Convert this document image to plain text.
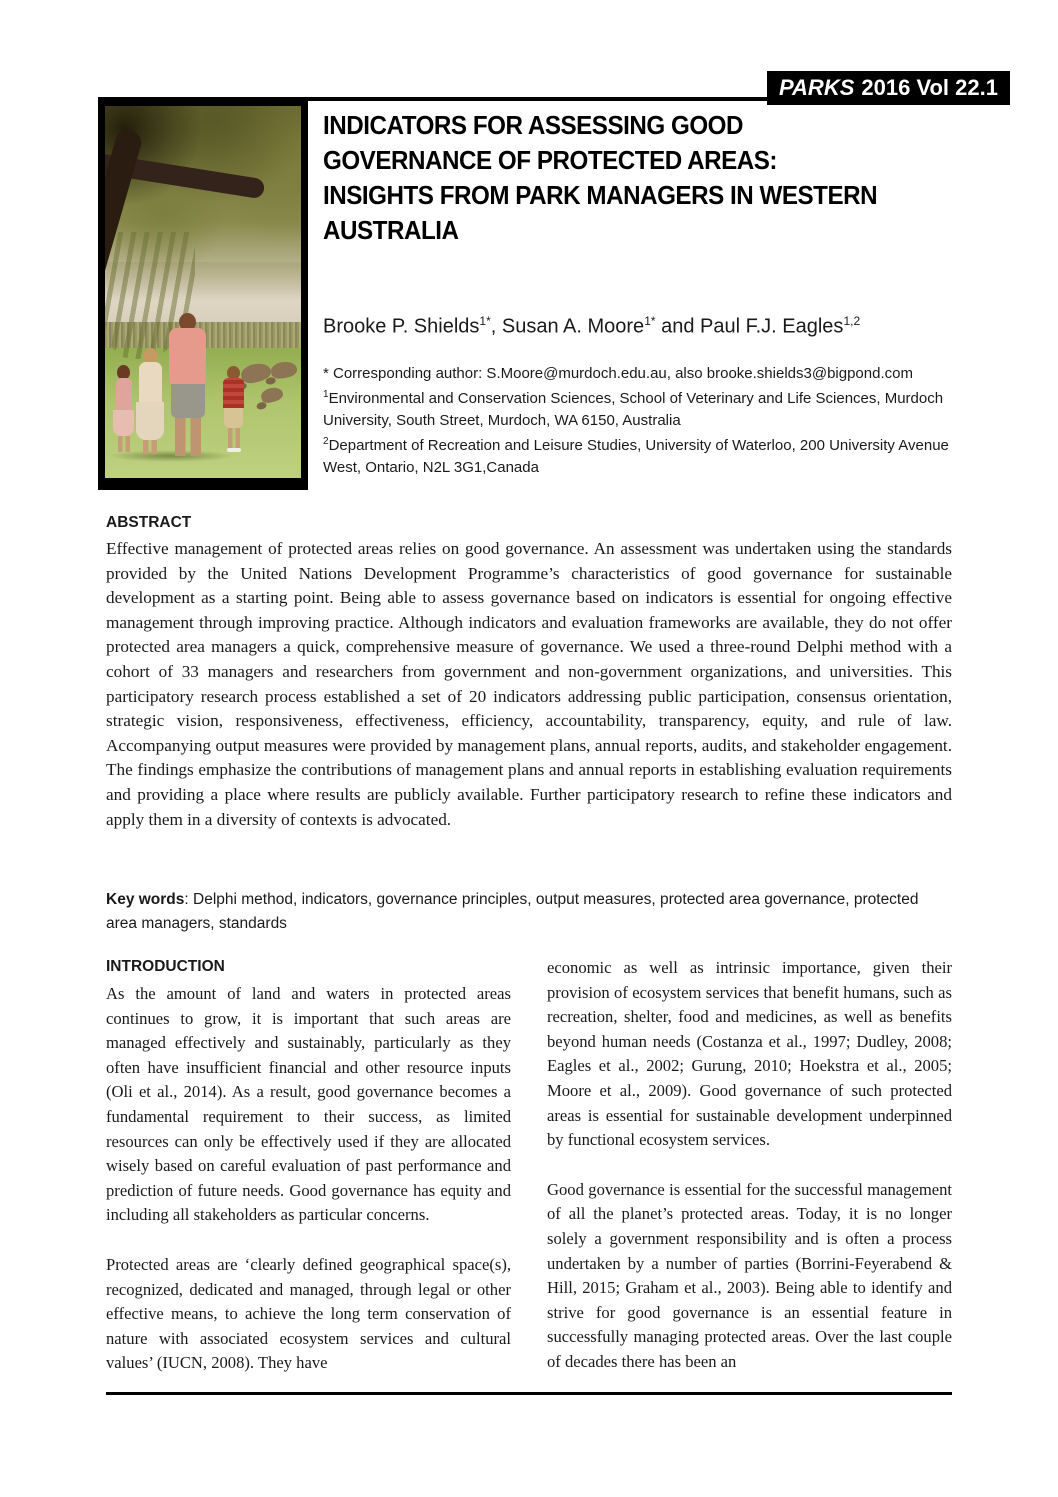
PARKS 2016 Vol 22.1
INDICATORS FOR ASSESSING GOOD
GOVERNANCE OF PROTECTED AREAS:
INSIGHTS FROM PARK MANAGERS IN WESTERN
AUSTRALIA

Brooke P. Shields$^{1*}$, Susan A. Moore$^{1*}$ and Paul F.J. Eagles$^{1,2}$

* Corresponding author: S.Moore@murdoch.edu.au, also brooke.shields3@bigpond.com

$^1$Environmental and Conservation Sciences, School of Veterinary and Life Sciences, Murdoch University, South Street, Murdoch, WA 6150, Australia

$^2$Department of Recreation and Leisure Studies, University of Waterloo, 200 University Avenue West, Ontario, N2L 3G1,Canada

ABSTRACT

Effective management of protected areas relies on good governance. An assessment was undertaken using the standards provided by the United Nations Development Programme’s characteristics of good governance for sustainable development as a starting point. Being able to assess governance based on indicators is essential for ongoing effective management through improving practice. Although indicators and evaluation frameworks are available, they do not offer protected area managers a quick, comprehensive measure of governance. We used a three-round Delphi method with a cohort of 33 managers and researchers from government and non-government organizations, and universities. This participatory research process established a set of 20 indicators addressing public participation, consensus orientation, strategic vision, responsiveness, effectiveness, efficiency, accountability, transparency, equity, and rule of law. Accompanying output measures were provided by management plans, annual reports, audits, and stakeholder engagement. The findings emphasize the contributions of management plans and annual reports in establishing evaluation requirements and providing a place where results are publicly available. Further participatory research to refine these indicators and apply them in a diversity of contexts is advocated.

Key words: Delphi method, indicators, governance principles, output measures, protected area governance, protected area managers, standards

INTRODUCTION

As the amount of land and waters in protected areas continues to grow, it is important that such areas are managed effectively and sustainably, particularly as they often have insufficient financial and other resource inputs (Oli et al., 2014). As a result, good governance becomes a fundamental requirement to their success, as limited resources can only be effectively used if they are allocated wisely based on careful evaluation of past performance and prediction of future needs. Good governance has equity and including all stakeholders as particular concerns.

Protected areas are ‘clearly defined geographical space(s), recognized, dedicated and managed, through legal or other effective means, to achieve the long term conservation of nature with associated ecosystem services and cultural values’ (IUCN, 2008). They have

economic as well as intrinsic importance, given their provision of ecosystem services that benefit humans, such as recreation, shelter, food and medicines, as well as benefits beyond human needs (Costanza et al., 1997; Dudley, 2008; Eagles et al., 2002; Gurung, 2010; Hoekstra et al., 2005; Moore et al., 2009). Good governance of such protected areas is essential for sustainable development underpinned by functional ecosystem services.

Good governance is essential for the successful management of all the planet’s protected areas. Today, it is no longer solely a government responsibility and is often a process undertaken by a number of parties (Borrini-Feyerabend & Hill, 2015; Graham et al., 2003). Being able to identify and strive for good governance is an essential feature in successfully managing protected areas. Over the last couple of decades there has been an
